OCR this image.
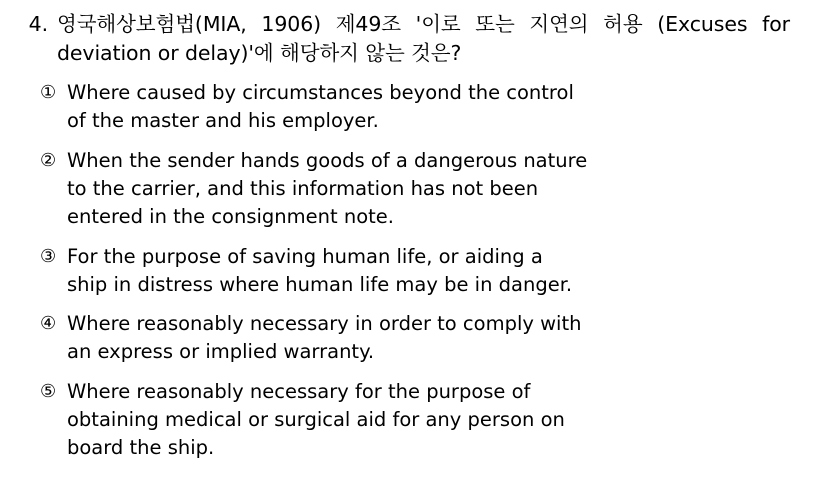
4. 영국해상보험법(MIA, 1906) 제49조 '이로 또는 지연의 허용 (Excuses for deviation or delay)'에 해당하지 않는 것은?
① Where caused by circumstances beyond the control
of the master and his employer.
② When the sender hands goods of a dangerous nature
to the carrier, and this information has not been
entered in the consignment note.
③ For the purpose of saving human life, or aiding a
ship in distress where human life may be in danger.
④ Where reasonably necessary in order to comply with
an express or implied warranty.
⑤ Where reasonably necessary for the purpose of
obtaining medical or surgical aid for any person on
board the ship.
